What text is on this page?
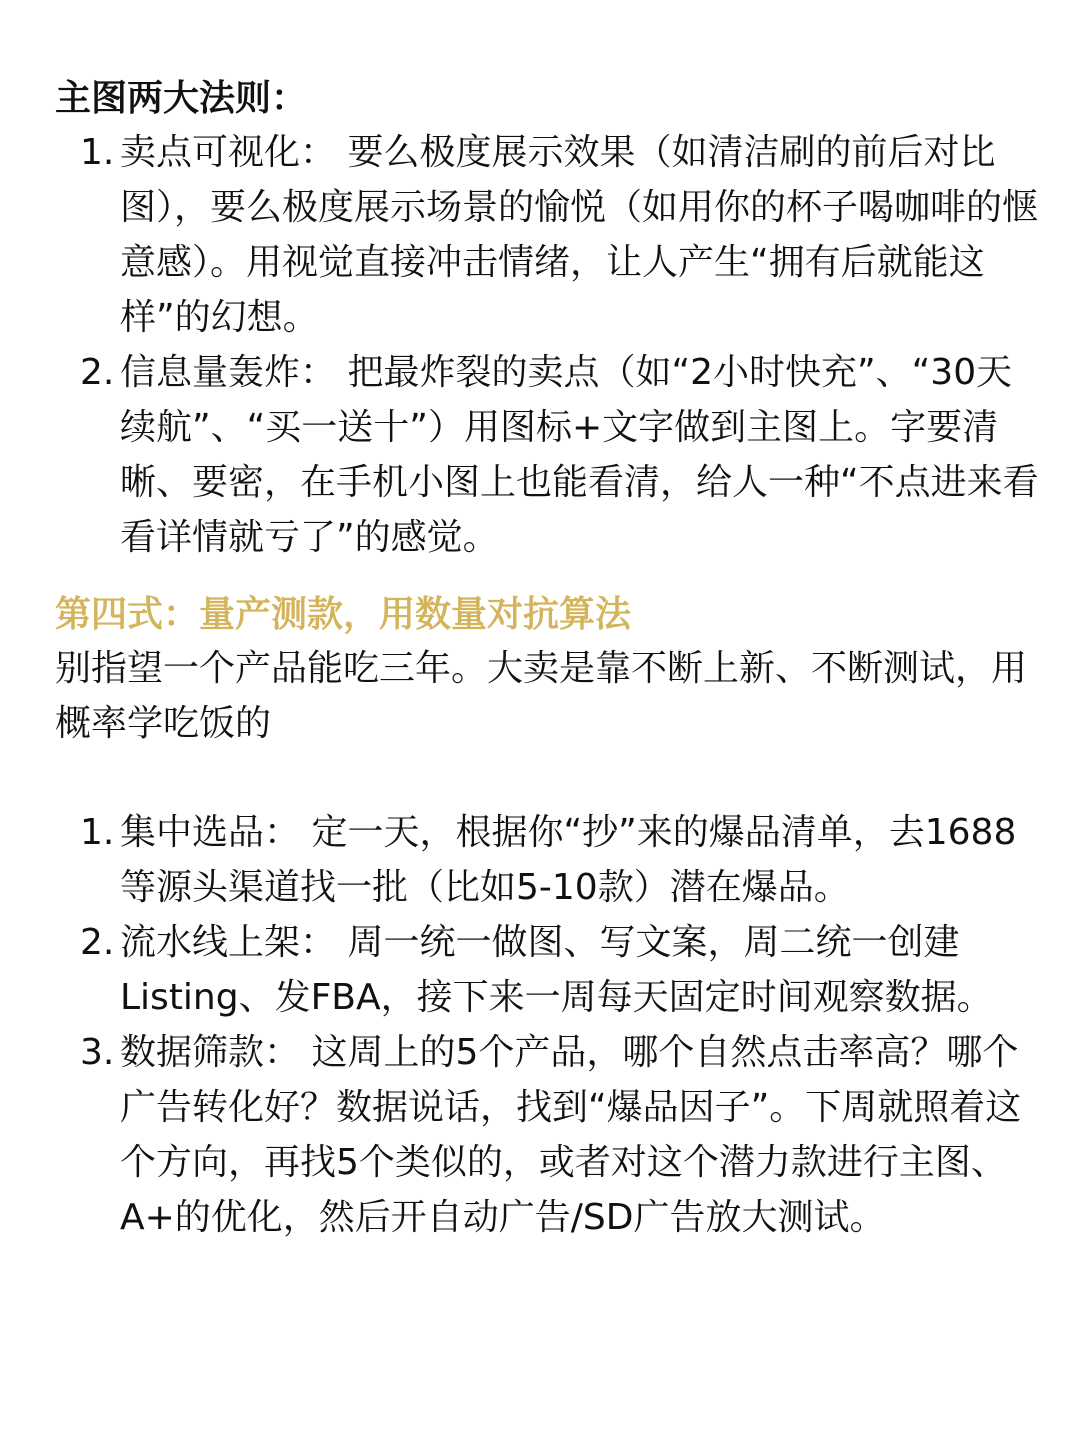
主图两大法则：
1. 卖点可视化： 要么极度展示效果（如清洁刷的前后对比图），要么极度展示场景的愉悦（如用你的杯子喝咖啡的惬意感）。用视觉直接冲击情绪，让人产生“拥有后就能这样”的幻想。
2. 信息量轰炸： 把最炸裂的卖点（如“2小时快充”、“30天续航”、“买一送十”）用图标+文字做到主图上。字要清晰、要密，在手机小图上也能看清，给人一种“不点进来看看详情就亏了”的感觉。
第四式：量产测款，用数量对抗算法

别指望一个产品能吃三年。大卖是靠不断上新、不断测试，用概率学吃饭的

1. 集中选品： 定一天，根据你“抄”来的爆品清单，去1688等源头渠道找一批（比如5-10款）潜在爆品。
2. 流水线上架： 周一统一做图、写文案，周二统一创建Listing、发FBA，接下来一周每天固定时间观察数据。
3. 数据筛款： 这周上的5个产品，哪个自然点击率高？哪个广告转化好？数据说话，找到“爆品因子”。下周就照着这个方向，再找5个类似的，或者对这个潜力款进行主图、A+的优化，然后开自动广告/SD广告放大测试。
